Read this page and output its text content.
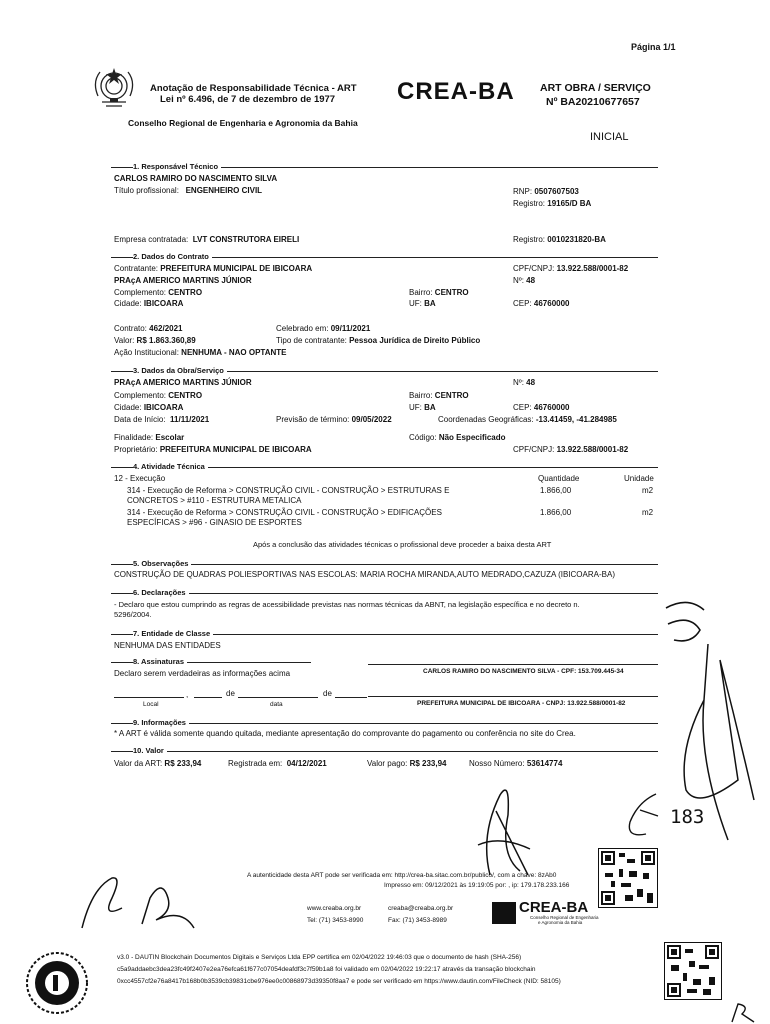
Página 1/1
Anotação de Responsabilidade Técnica - ART
Lei nº 6.496, de 7 de dezembro de 1977	CREA-BA ART OBRA / SERVIÇO
Nº BA20210677657
Conselho Regional de Engenharia e Agronomia da Bahia
INICIAL
1. Responsável Técnico
CARLOS RAMIRO DO NASCIMENTO SILVA
Título profissional: ENGENHEIRO CIVIL	RNP: 0507607503
Registro: 19165/D BA
Empresa contratada: LVT CONSTRUTORA EIRELI	Registro: 0010231820-BA
2. Dados do Contrato
Contratante: PREFEITURA MUNICIPAL DE IBICOARA	CPF/CNPJ: 13.922.588/0001-82
PRAçA AMERICO MARTINS JÚNIOR	Nº: 48
Complemento: CENTRO	Bairro: CENTRO
Cidade: IBICOARA	UF: BA	CEP: 46760000
Contrato: 462/2021	Celebrado em: 09/11/2021
Valor: R$ 1.863.360,89	Tipo de contratante: Pessoa Jurídica de Direito Público
Ação Institucional: NENHUMA - NAO OPTANTE
3. Dados da Obra/Serviço
PRAçA AMERICO MARTINS JÚNIOR	Nº: 48
Complemento: CENTRO	Bairro: CENTRO
Cidade: IBICOARA	UF: BA	CEP: 46760000
Data de Início: 11/11/2021	Previsão de término: 09/05/2022	Coordenadas Geográficas: -13.41459, -41.284985
Finalidade: Escolar	Código: Não Especificado
Proprietário: PREFEITURA MUNICIPAL DE IBICOARA	CPF/CNPJ: 13.922.588/0001-82
4. Atividade Técnica
12 - Execução	Quantidade	Unidade
314 - Execução de Reforma > CONSTRUÇÃO CIVIL - CONSTRUÇÃO > ESTRUTURAS E
CONCRETOS > #110 - ESTRUTURA METALICA
1.866,00	m2
314 - Execução de Reforma > CONSTRUÇÃO CIVIL - CONSTRUÇÃO > EDIFICAÇÕES
ESPECÍFICAS > #96 - GINASIO DE ESPORTES
1.866,00	m2
Após a conclusão das atividades técnicas o profissional deve proceder a baixa desta ART
5. Observações
CONSTRUÇÃO DE QUADRAS POLIESPORTIVAS NAS ESCOLAS: MARIA ROCHA MIRANDA,AUTO MEDRADO,CAZUZA (IBICOARA-BA)
6. Declarações
- Declaro que estou cumprindo as regras de acessibilidade previstas nas normas técnicas da ABNT, na legislação específica e no decreto n.
5296/2004.
7. Entidade de Classe
NENHUMA DAS ENTIDADES
8. Assinaturas
Declaro serem verdadeiras as informações acima	CARLOS RAMIRO DO NASCIMENTO SILVA - CPF: 153.709.445-34
,	de	de
Local	data	PREFEITURA MUNICIPAL DE IBICOARA - CNPJ: 13.922.588/0001-82
9. Informações
* A ART é válida somente quando quitada, mediante apresentação do comprovante do pagamento ou conferência no site do Crea.
10. Valor
Valor da ART: R$ 233,94	Registrada em: 04/12/2021	Valor pago: R$ 233,94	Nosso Número: 53614774
183
A autenticidade desta ART pode ser verificada em: http://crea-ba.sitac.com.br/publico/, com a chave: 8zAb0
Impresso em: 09/12/2021 às 19:19:05 por: , ip: 179.178.233.166
www.creaba.org.br	creaba@creaba.org.br
Tel: (71) 3453-8990	Fax: (71) 3453-8989
CREA-BA
Conselho Regional de Engenharia
e Agronomia da Bahia
v3.0 - DAUTIN Blockchain Documentos Digitais e Serviços Ltda EPP certifica em 02/04/2022 19:46:03 que o documento de hash (SHA-256)
c5a9addaebc3dea23fc49f2407e2ea76efca61f677c07054deafdf3c7f59b1a8 foi validado em 02/04/2022 19:22:17 através da transação blockchain
0xcc4557cf2e76a8417b168b0b3539cb39831cbe976ee0c00868973d39350f8aa7 e pode ser verificado em https://www.dautin.com/FileCheck (NID: 58105)
